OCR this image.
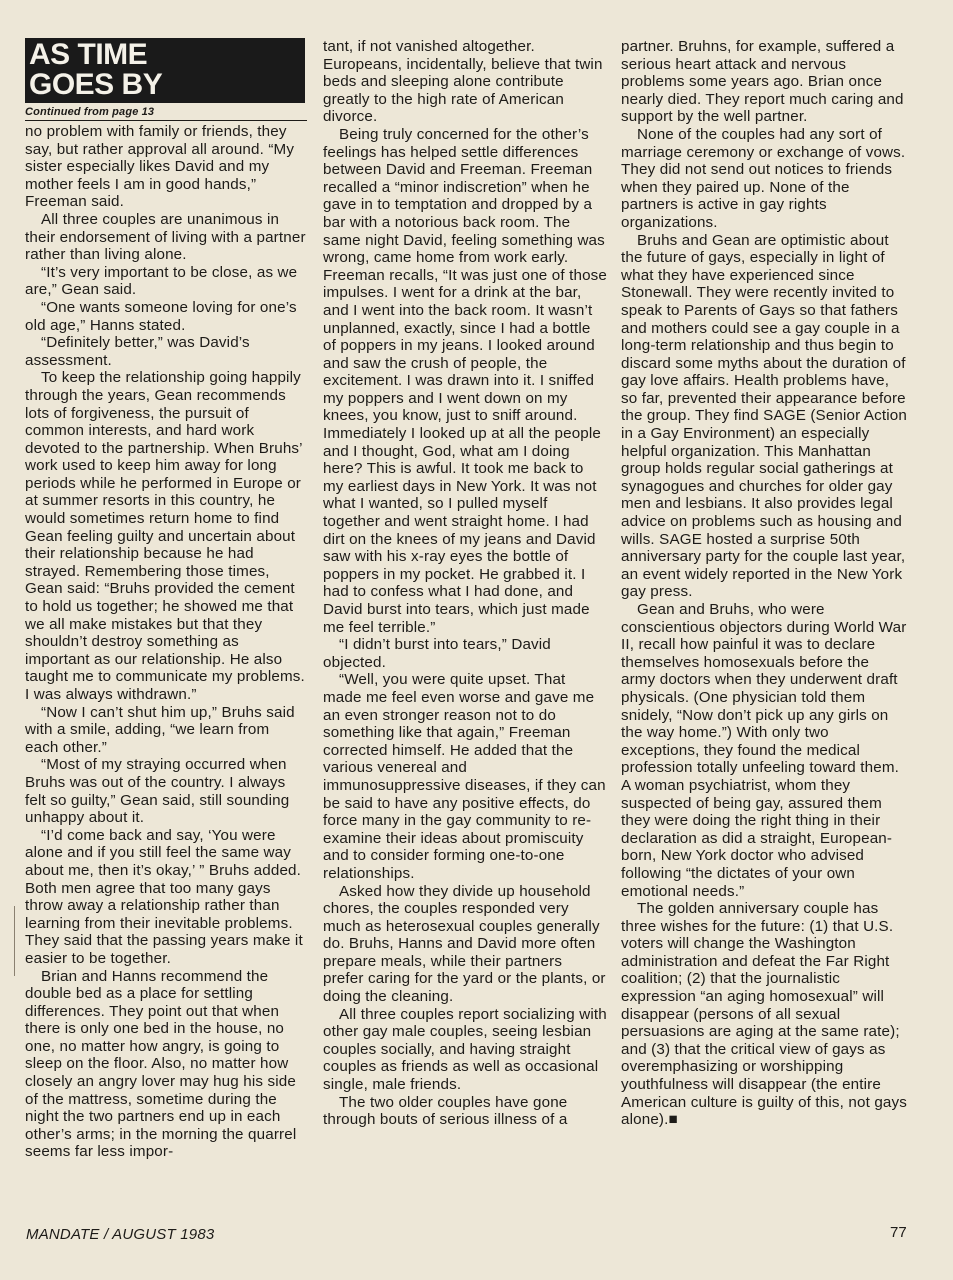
AS TIME
GOES BY
Continued from page 13

no problem with family or friends, they say, but rather approval all around. “My sister especially likes David and my mother feels I am in good hands,” Freeman said.

All three couples are unanimous in their endorsement of living with a partner rather than living alone.

“It’s very important to be close, as we are,” Gean said.

“One wants someone loving for one’s old age,” Hanns stated.

“Definitely better,” was David’s assessment.

To keep the relationship going happily through the years, Gean recommends lots of forgiveness, the pursuit of common interests, and hard work devoted to the partnership. When Bruhs’ work used to keep him away for long periods while he performed in Europe or at summer resorts in this country, he would sometimes return home to find Gean feeling guilty and uncertain about their relationship because he had strayed. Remembering those times, Gean said: “Bruhs provided the cement to hold us together; he showed me that we all make mistakes but that they shouldn’t destroy something as important as our relationship. He also taught me to communicate my problems. I was always withdrawn.”

“Now I can’t shut him up,” Bruhs said with a smile, adding, “we learn from each other.”

“Most of my straying occurred when Bruhs was out of the country. I always felt so guilty,” Gean said, still sounding unhappy about it.

“I’d come back and say, ‘You were alone and if you still feel the same way about me, then it’s okay,’ ” Bruhs added. Both men agree that too many gays throw away a relationship rather than learning from their inevitable problems. They said that the passing years make it easier to be together.

Brian and Hanns recommend the double bed as a place for settling differences. They point out that when there is only one bed in the house, no one, no matter how angry, is going to sleep on the floor. Also, no matter how closely an angry lover may hug his side of the mattress, sometime during the night the two partners end up in each other’s arms; in the morning the quarrel seems far less impor-

tant, if not vanished altogether. Europeans, incidentally, believe that twin beds and sleeping alone contribute greatly to the high rate of American divorce.

Being truly concerned for the other’s feelings has helped settle differences between David and Freeman. Freeman recalled a “minor indiscretion” when he gave in to temptation and dropped by a bar with a notorious back room. The same night David, feeling something was wrong, came home from work early. Freeman recalls, “It was just one of those impulses. I went for a drink at the bar, and I went into the back room. It wasn’t unplanned, exactly, since I had a bottle of poppers in my jeans. I looked around and saw the crush of people, the excitement. I was drawn into it. I sniffed my poppers and I went down on my knees, you know, just to sniff around. Immediately I looked up at all the people and I thought, God, what am I doing here? This is awful. It took me back to my earliest days in New York. It was not what I wanted, so I pulled myself together and went straight home. I had dirt on the knees of my jeans and David saw with his x-ray eyes the bottle of poppers in my pocket. He grabbed it. I had to confess what I had done, and David burst into tears, which just made me feel terrible.”

“I didn’t burst into tears,” David objected.

“Well, you were quite upset. That made me feel even worse and gave me an even stronger reason not to do something like that again,” Freeman corrected himself. He added that the various venereal and immunosuppressive diseases, if they can be said to have any positive effects, do force many in the gay community to re-examine their ideas about promiscuity and to consider forming one-to-one relationships.

Asked how they divide up household chores, the couples responded very much as heterosexual couples generally do. Bruhs, Hanns and David more often prepare meals, while their partners prefer caring for the yard or the plants, or doing the cleaning.

All three couples report socializing with other gay male couples, seeing lesbian couples socially, and having straight couples as friends as well as occasional single, male friends.

The two older couples have gone through bouts of serious illness of a

partner. Bruhns, for example, suffered a serious heart attack and nervous problems some years ago. Brian once nearly died. They report much caring and support by the well partner.

None of the couples had any sort of marriage ceremony or exchange of vows. They did not send out notices to friends when they paired up. None of the partners is active in gay rights organizations.

Bruhs and Gean are optimistic about the future of gays, especially in light of what they have experienced since Stonewall. They were recently invited to speak to Parents of Gays so that fathers and mothers could see a gay couple in a long-term relationship and thus begin to discard some myths about the duration of gay love affairs. Health problems have, so far, prevented their appearance before the group. They find SAGE (Senior Action in a Gay Environment) an especially helpful organization. This Manhattan group holds regular social gatherings at synagogues and churches for older gay men and lesbians. It also provides legal advice on problems such as housing and wills. SAGE hosted a surprise 50th anniversary party for the couple last year, an event widely reported in the New York gay press.

Gean and Bruhs, who were conscientious objectors during World War II, recall how painful it was to declare themselves homosexuals before the army doctors when they underwent draft physicals. (One physician told them snidely, “Now don’t pick up any girls on the way home.”) With only two exceptions, they found the medical profession totally unfeeling toward them. A woman psychiatrist, whom they suspected of being gay, assured them they were doing the right thing in their declaration as did a straight, European-born, New York doctor who advised following “the dictates of your own emotional needs.”

The golden anniversary couple has three wishes for the future: (1) that U.S. voters will change the Washington administration and defeat the Far Right coalition; (2) that the journalistic expression “an aging homosexual” will disappear (persons of all sexual persuasions are aging at the same rate); and (3) that the critical view of gays as overemphasizing or worshipping youthfulness will disappear (the entire American culture is guilty of this, not gays alone).■

MANDATE / AUGUST 1983	77
